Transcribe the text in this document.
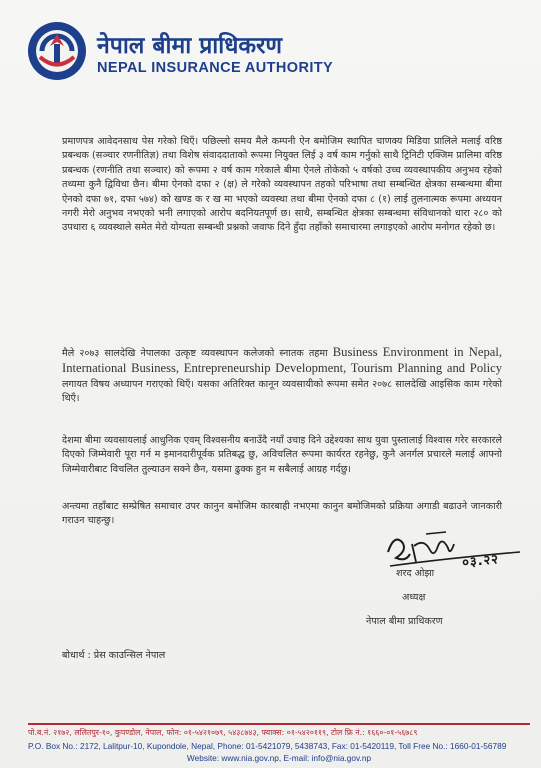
नेपाल बीमा प्राधिकरण
NEPAL INSURANCE AUTHORITY
प्रमाणपत्र आवेदनसाथ पेस गरेको थिएँ। पछिल्लो समय मैले कम्पनी ऐन बमोजिम स्थापित चाणक्य मिडिया प्रालिले मलाई वरिष्ठ प्रबन्धक (सञ्चार रणनीतिज्ञ) तथा विशेष संवाददाताको रूपमा नियुक्त लिई ३ वर्ष काम गर्नुको साथै ट्रिनिटी एक्जिम प्रालिमा वरिष्ठ प्रबन्धक (रणनीति तथा सञ्चार) को रूपमा २ वर्ष काम गरेकाले बीमा ऐनले तोकेको ५ वर्षको उच्च व्यवस्थापकीय अनुभव रहेको तथ्यमा कुनै द्विविधा छैन। बीमा ऐनको दफा २ (क्ष) ले गरेको व्यवस्थापन तहको परिभाषा तथा सम्बन्धित क्षेत्रका सम्बन्धमा बीमा ऐनको दफा ७१, दफा ५७४) को खण्ड क र ख मा भएको व्यवस्था तथा बीमा ऐनको दफा ८ (१) लाई तुलनात्मक रूपमा अध्ययन नगरी मेरो अनुभव नभएको भनी लगाएको आरोप बदनियतपूर्ण छ। साथै, सम्बन्धित क्षेत्रका सम्बन्धमा संविधानको धारा २८० को उपधारा ६ व्यवस्थाले समेत मेरो योग्यता सम्बन्धी प्रश्नको जवाफ दिने हुँदा तहाँको समाचारमा लगाइएको आरोप मनोगत रहेको छ।
मैले २०७३ सालदेखि नेपालका उत्कृष्ट व्यवस्थापन कलेजको स्नातक तहमा Business Environment in Nepal, International Business, Entrepreneurship Development, Tourism Planning and Policy लगायत विषय अध्यापन गराएको थिएँ। यसका अतिरिक्त कानून व्यवसायीको रूपमा समेत २०७८ सालदेखि आइसिक काम गरेको थिएँ।
देशमा बीमा व्यवसायलाई आधुनिक एवम् विश्वसनीय बनाउँदै नयाँ उचाइ दिने उद्देश्यका साथ युवा पुस्तालाई विश्वास गरेर सरकारले दिएको जिम्मेवारी पूरा गर्न म इमानदारीपूर्वक प्रतिबद्ध छु, अविचलित रूपमा कार्यरत रहनेछु, कुनै अनर्गल प्रचारले मलाई आफ्नो जिम्मेवारीबाट विचलित तुल्याउन सक्ने छैन, यसमा ढुक्क हुन म सबैलाई आग्रह गर्दछु।
अन्त्यमा तहाँबाट सम्प्रेषित समाचार उपर कानुन बमोजिम कारबाही नभएमा कानुन बमोजिमको प्रक्रिया अगाडी बढाउने जानकारी गराउन चाहन्छु।
०३.२२
शरद ओझा
अध्यक्ष
नेपाल बीमा प्राधिकरण
बोधार्थ : प्रेस काउन्सिल नेपाल
पो.ब.नं. २१७२, ललितपुर-१०, कुपण्डोल, नेपाल, फोन: ०१-५४२१०७९, ५४३८७४३, फ्याक्स: ०१-५४२०११९, टोल फ्रि नं.: १६६०-०१-५६७८९
P.O. Box No.: 2172, Lalitpur-10, Kupondole, Nepal, Phone: 01-5421079, 5438743, Fax: 01-5420119, Toll Free No.: 1660-01-56789
Website: www.nia.gov.np, E-mail: info@nia.gov.np
